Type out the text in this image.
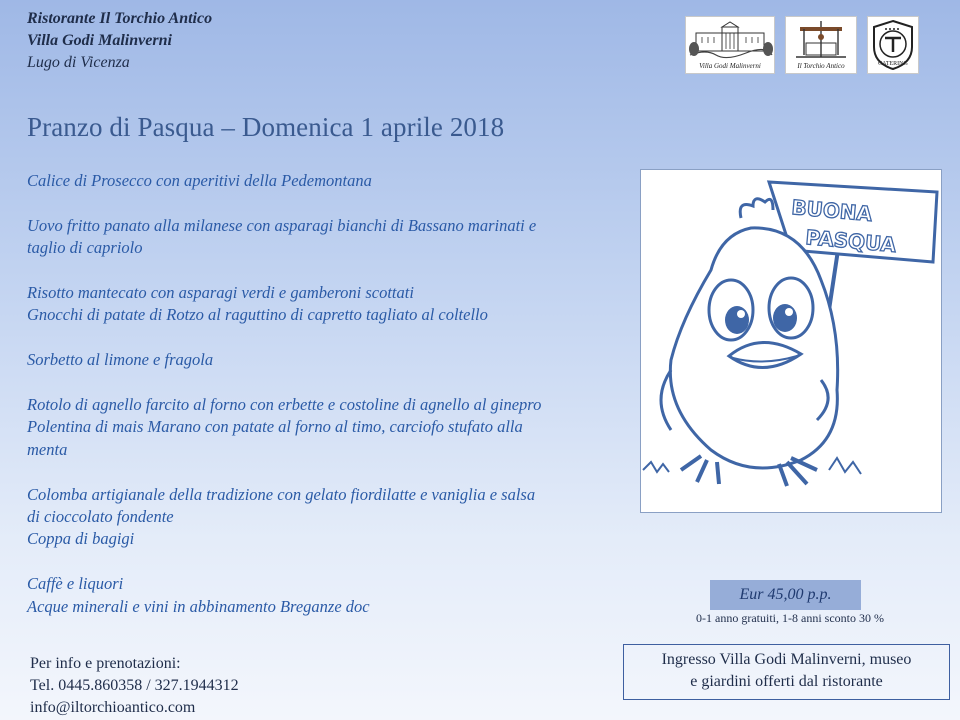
Ristorante Il Torchio Antico
Villa Godi Malinverni
Lugo di Vicenza	Villa Godi Malinverni	Il Torchio Antico	CATERING
Pranzo di Pasqua – Domenica 1 aprile 2018

Calice di Prosecco con aperitivi della Pedemontana

Uovo fritto panato alla milanese con asparagi bianchi di Bassano marinati e
taglio di capriolo

Risotto mantecato con asparagi verdi e gamberoni scottati
Gnocchi di patate di Rotzo al raguttino di capretto tagliato al coltello

Sorbetto al limone e fragola

Rotolo di agnello farcito al forno con erbette e costoline di agnello al ginepro
Polentina di mais Marano con patate al forno al timo, carciofo stufato alla
menta

Colomba artigianale della tradizione con gelato fiordilatte e vaniglia e salsa
di cioccolato fondente
Coppa di bagigi

Caffè e liquori
Acque minerali e vini in abbinamento Breganze doc

BUONA
PASQUA
Eur 45,00 p.p.
0-1 anno gratuiti, 1-8 anni sconto 30 %
Per info e prenotazioni:
Tel. 0445.860358 / 327.1944312
info@iltorchioantico.com
Ingresso Villa Godi Malinverni, museo
e giardini offerti dal ristorante
